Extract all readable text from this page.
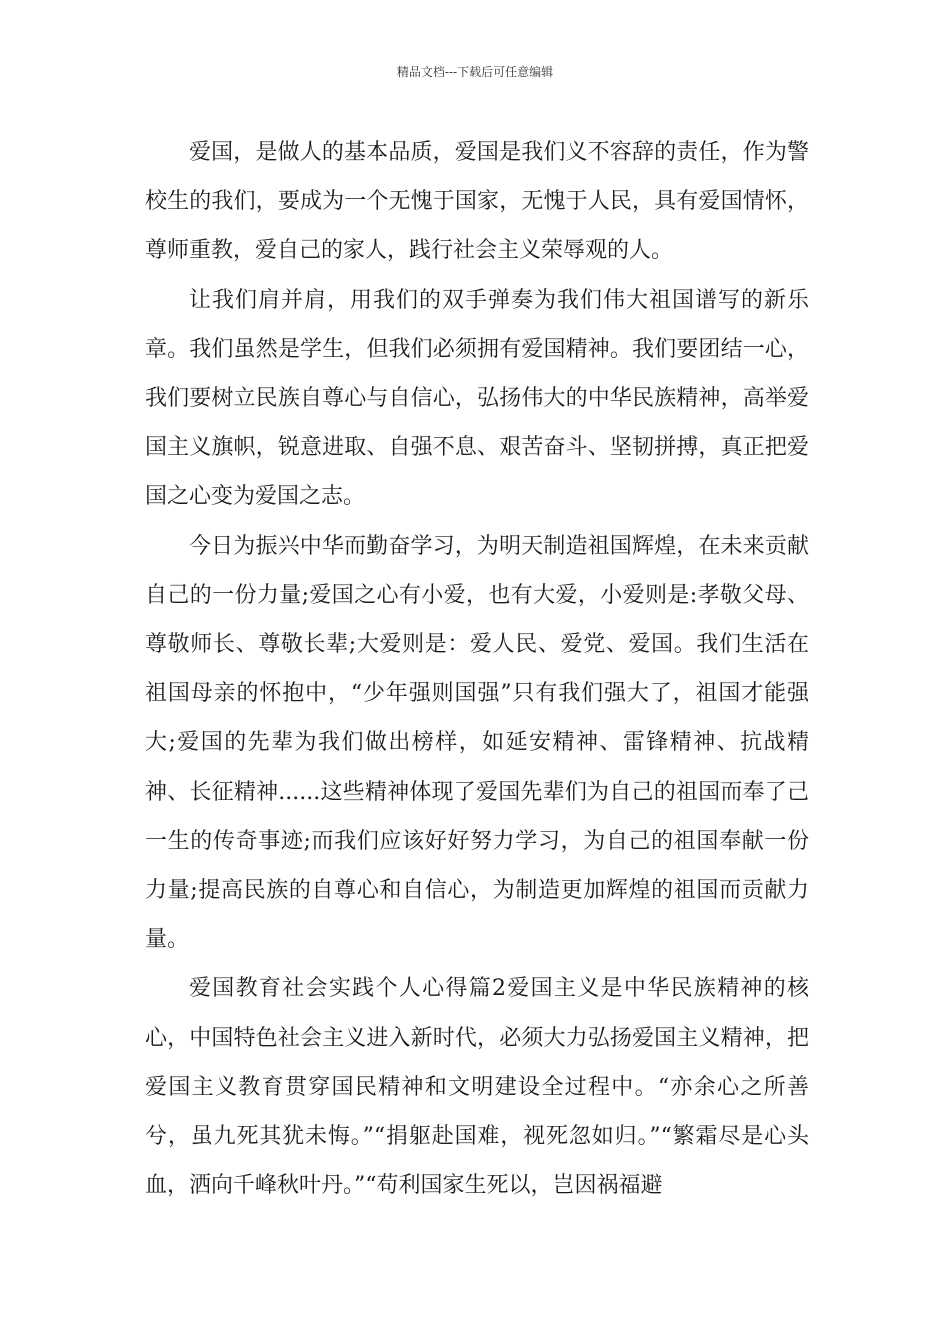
精品文档---下载后可任意编辑

爱国，是做人的基本品质，爱国是我们义不容辞的责任，作为警校生的我们，要成为一个无愧于国家，无愧于人民，具有爱国情怀，尊师重教，爱自己的家人，践行社会主义荣辱观的人。

让我们肩并肩，用我们的双手弹奏为我们伟大祖国谱写的新乐章。我们虽然是学生，但我们必须拥有爱国精神。我们要团结一心，我们要树立民族自尊心与自信心，弘扬伟大的中华民族精神，高举爱国主义旗帜，锐意进取、自强不息、艰苦奋斗、坚韧拼搏，真正把爱国之心变为爱国之志。

今日为振兴中华而勤奋学习，为明天制造祖国辉煌，在未来贡献自己的一份力量;爱国之心有小爱，也有大爱，小爱则是:孝敬父母、尊敬师长、尊敬长辈;大爱则是：爱人民、爱党、爱国。我们生活在祖国母亲的怀抱中，“少年强则国强”只有我们强大了，祖国才能强大;爱国的先辈为我们做出榜样，如延安精神、雷锋精神、抗战精神、长征精神......这些精神体现了爱国先辈们为自己的祖国而奉了己一生的传奇事迹;而我们应该好好努力学习，为自己的祖国奉献一份力量;提高民族的自尊心和自信心，为制造更加辉煌的祖国而贡献力量。

爱国教育社会实践个人心得篇2爱国主义是中华民族精神的核心，中国特色社会主义进入新时代，必须大力弘扬爱国主义精神，把爱国主义教育贯穿国民精神和文明建设全过程中。“亦余心之所善兮，虽九死其犹未悔。”“捐躯赴国难，视死忽如归。”“繁霜尽是心头血，洒向千峰秋叶丹。”“苟利国家生死以，岂因祸福避
